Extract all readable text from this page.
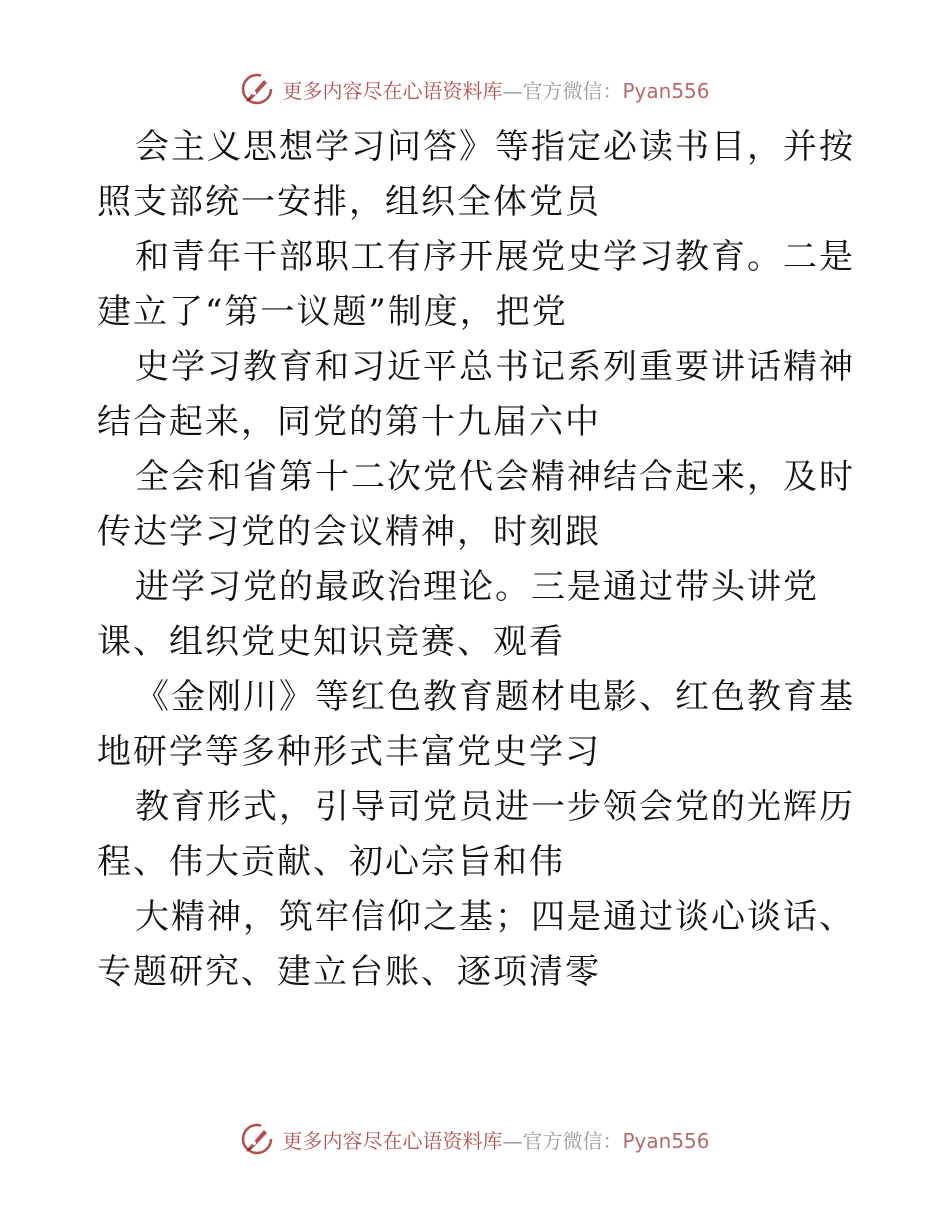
更多内容尽在心语资料库—官方微信：Pyan556

会主义思想学习问答》等指定必读书目，并按照支部统一安排，组织全体党员

和青年干部职工有序开展党史学习教育。二是建立了“第一议题”制度，把党

史学习教育和习近平总书记系列重要讲话精神结合起来，同党的第十九届六中

全会和省第十二次党代会精神结合起来，及时传达学习党的会议精神，时刻跟

进学习党的最政治理论。三是通过带头讲党课、组织党史知识竞赛、观看

《金刚川》等红色教育题材电影、红色教育基地研学等多种形式丰富党史学习

教育形式，引导司党员进一步领会党的光辉历程、伟大贡献、初心宗旨和伟

大精神，筑牢信仰之基；四是通过谈心谈话、专题研究、建立台账、逐项清零

更多内容尽在心语资料库—官方微信：Pyan556
